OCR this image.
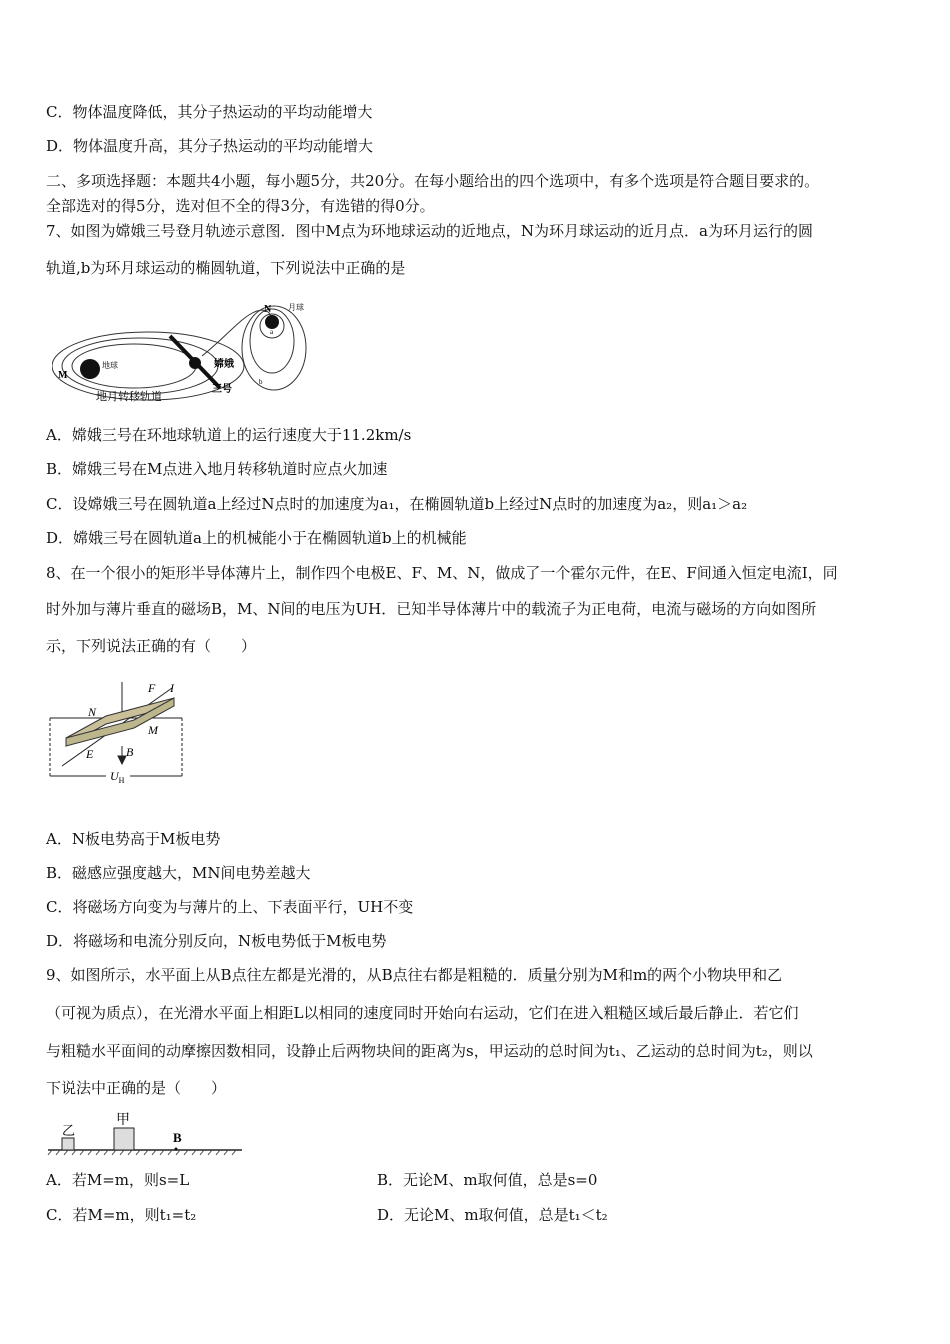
C．物体温度降低，其分子热运动的平均动能增大
D．物体温度升高，其分子热运动的平均动能增大
二、多项选择题：本题共4小题，每小题5分，共20分。在每小题给出的四个选项中，有多个选项是符合题目要求的。
全部选对的得5分，选对但不全的得3分，有选错的得0分。
7、如图为嫦娥三号登月轨迹示意图．图中M点为环地球运动的近地点，N为环月球运动的近月点．a为环月运行的圆
轨道,b为环月球运动的椭圆轨道，下列说法中正确的是
N 月球
a
b
M
地球	嫦娥
三号
地月转移轨道
A．嫦娥三号在环地球轨道上的运行速度大于11.2km/s
B．嫦娥三号在M点进入地月转移轨道时应点火加速
C．设嫦娥三号在圆轨道a上经过N点时的加速度为a₁，在椭圆轨道b上经过N点时的加速度为a₂，则a₁＞a₂
D．嫦娥三号在圆轨道a上的机械能小于在椭圆轨道b上的机械能
8、在一个很小的矩形半导体薄片上，制作四个电极E、F、M、N，做成了一个霍尔元件，在E、F间通入恒定电流I，同
时外加与薄片垂直的磁场B，M、N间的电压为UH．已知半导体薄片中的载流子为正电荷，电流与磁场的方向如图所
示，下列说法正确的有（　　）
F I
N
M
E	B
$U_H$
A．N板电势高于M板电势
B．磁感应强度越大，MN间电势差越大
C．将磁场方向变为与薄片的上、下表面平行，UH不变
D．将磁场和电流分别反向，N板电势低于M板电势
9、如图所示，水平面上从B点往左都是光滑的，从B点往右都是粗糙的．质量分别为M和m的两个小物块甲和乙
（可视为质点），在光滑水平面上相距L以相同的速度同时开始向右运动，它们在进入粗糙区域后最后静止．若它们
与粗糙水平面间的动摩擦因数相同，设静止后两物块间的距离为s，甲运动的总时间为t₁、乙运动的总时间为t₂，则以
下说法中正确的是（　　）
乙
甲
B
A．若M=m，则s=L	B．无论M、m取何值，总是s=0
C．若M=m，则t₁=t₂	D．无论M、m取何值，总是t₁＜t₂
